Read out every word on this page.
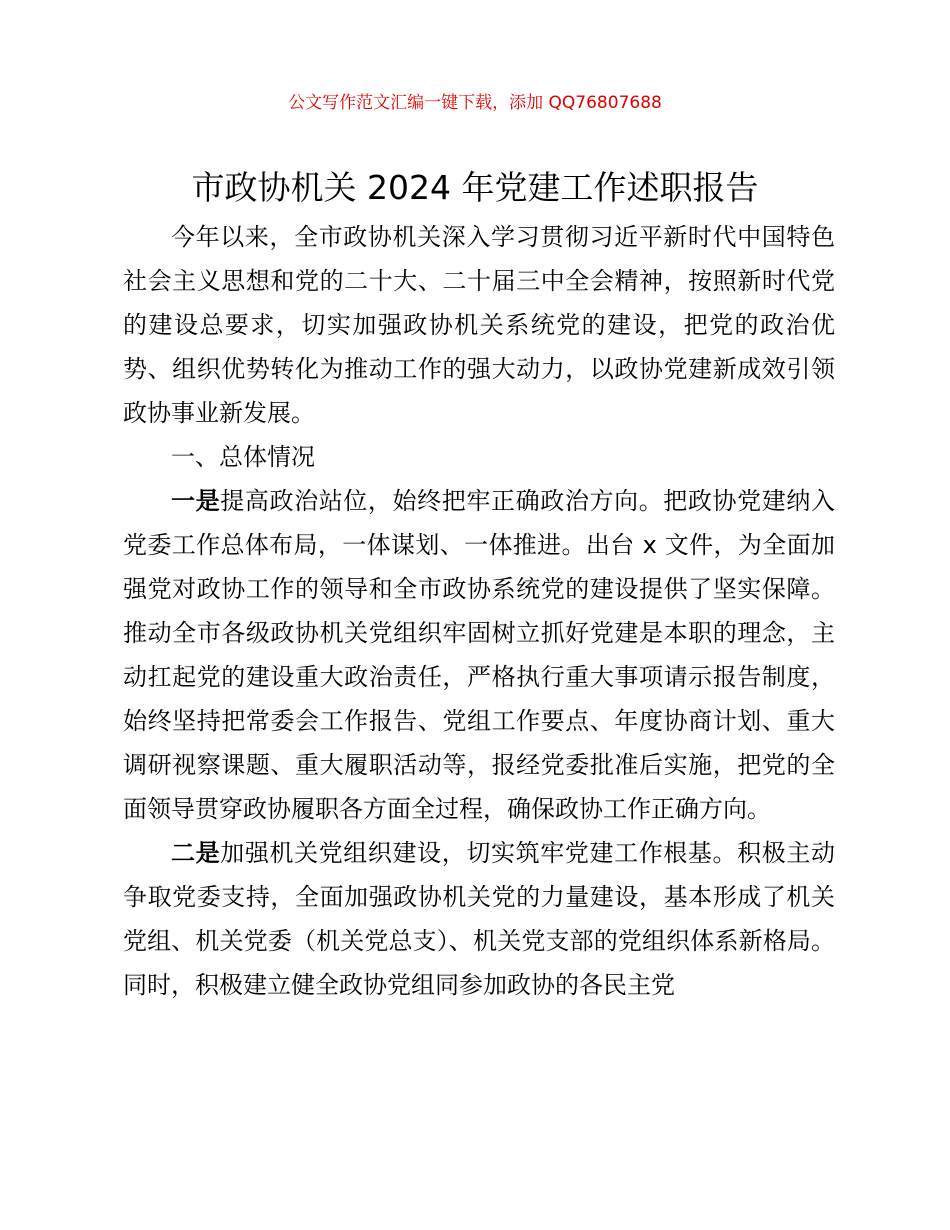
公文写作范文汇编一键下载，添加 QQ76807688
市政协机关 2024 年党建工作述职报告

今年以来，全市政协机关深入学习贯彻习近平新时代中国特色社会主义思想和党的二十大、二十届三中全会精神，按照新时代党的建设总要求，切实加强政协机关系统党的建设，把党的政治优势、组织优势转化为推动工作的强大动力，以政协党建新成效引领政协事业新发展。

一、总体情况

一是提高政治站位，始终把牢正确政治方向。把政协党建纳入党委工作总体布局，一体谋划、一体推进。出台 x 文件，为全面加强党对政协工作的领导和全市政协系统党的建设提供了坚实保障。推动全市各级政协机关党组织牢固树立抓好党建是本职的理念，主动扛起党的建设重大政治责任，严格执行重大事项请示报告制度，始终坚持把常委会工作报告、党组工作要点、年度协商计划、重大调研视察课题、重大履职活动等，报经党委批准后实施，把党的全面领导贯穿政协履职各方面全过程，确保政协工作正确方向。

二是加强机关党组织建设，切实筑牢党建工作根基。积极主动争取党委支持，全面加强政协机关党的力量建设，基本形成了机关党组、机关党委（机关党总支）、机关党支部的党组织体系新格局。同时，积极建立健全政协党组同参加政协的各民主党
